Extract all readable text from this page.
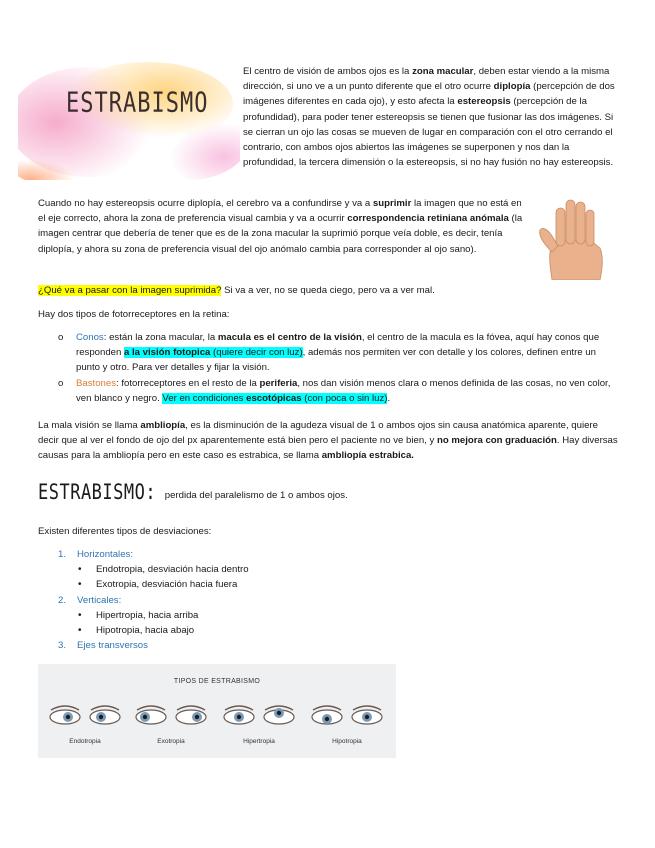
ESTRABISMO
El centro de visión de ambos ojos es la zona macular, deben estar viendo a la misma dirección, si uno ve a un punto diferente que el otro ocurre diplopía (percepción de dos imágenes diferentes en cada ojo), y esto afecta la estereopsis (percepción de la profundidad), para poder tener estereopsis se tienen que fusionar las dos imágenes. Si se cierran un ojo las cosas se mueven de lugar en comparación con el otro cerrando el contrario, con ambos ojos abiertos las imágenes se superponen y nos dan la profundidad, la tercera dimensión o la estereopsis, si no hay fusión no hay estereopsis.
Cuando no hay estereopsis ocurre diplopía, el cerebro va a confundirse y va a suprimir la imagen que no está en el eje correcto, ahora la zona de preferencia visual cambia y va a ocurrir correspondencia retiniana anómala (la imagen centrar que debería de tener que es de la zona macular la suprimió porque veía doble, es decir, tenía diplopía, y ahora su zona de preferencia visual del ojo anómalo cambia para corresponder al ojo sano).
¿Qué va a pasar con la imagen suprimida? Si va a ver, no se queda ciego, pero va a ver mal.
Hay dos tipos de fotorreceptores en la retina:
o Conos: están la zona macular, la macula es el centro de la visión, el centro de la macula es la fóvea, aquí hay conos que responden a la visión fotopica (quiere decir con luz), además nos permiten ver con detalle y los colores, definen entre un punto y otro. Para ver detalles y fijar la visión.
o Bastones: fotorreceptores en el resto de la periferia, nos dan visión menos clara o menos definida de las cosas, no ven color, ven blanco y negro. Ver en condiciones escotópicas (con poca o sin luz).
La mala visión se llama ambliopía, es la disminución de la agudeza visual de 1 o ambos ojos sin causa anatómica aparente, quiere decir que al ver el fondo de ojo del px aparentemente está bien pero el paciente no ve bien, y no mejora con graduación. Hay diversas causas para la ambliopía pero en este caso es estrabica, se llama ambliopía estrabica.
ESTRABISMO: perdida del paralelismo de 1 o ambos ojos.
Existen diferentes tipos de desviaciones:
1. Horizontales:
• Endotropia, desviación hacia dentro
• Exotropia, desviación hacia fuera
2. Verticales:
• Hipertropia, hacia arriba
• Hipotropia, hacia abajo
3. Ejes transversos
TIPOS DE ESTRABISMO
Endotropia	Exotropia	Hipertropia	Hipotropia
